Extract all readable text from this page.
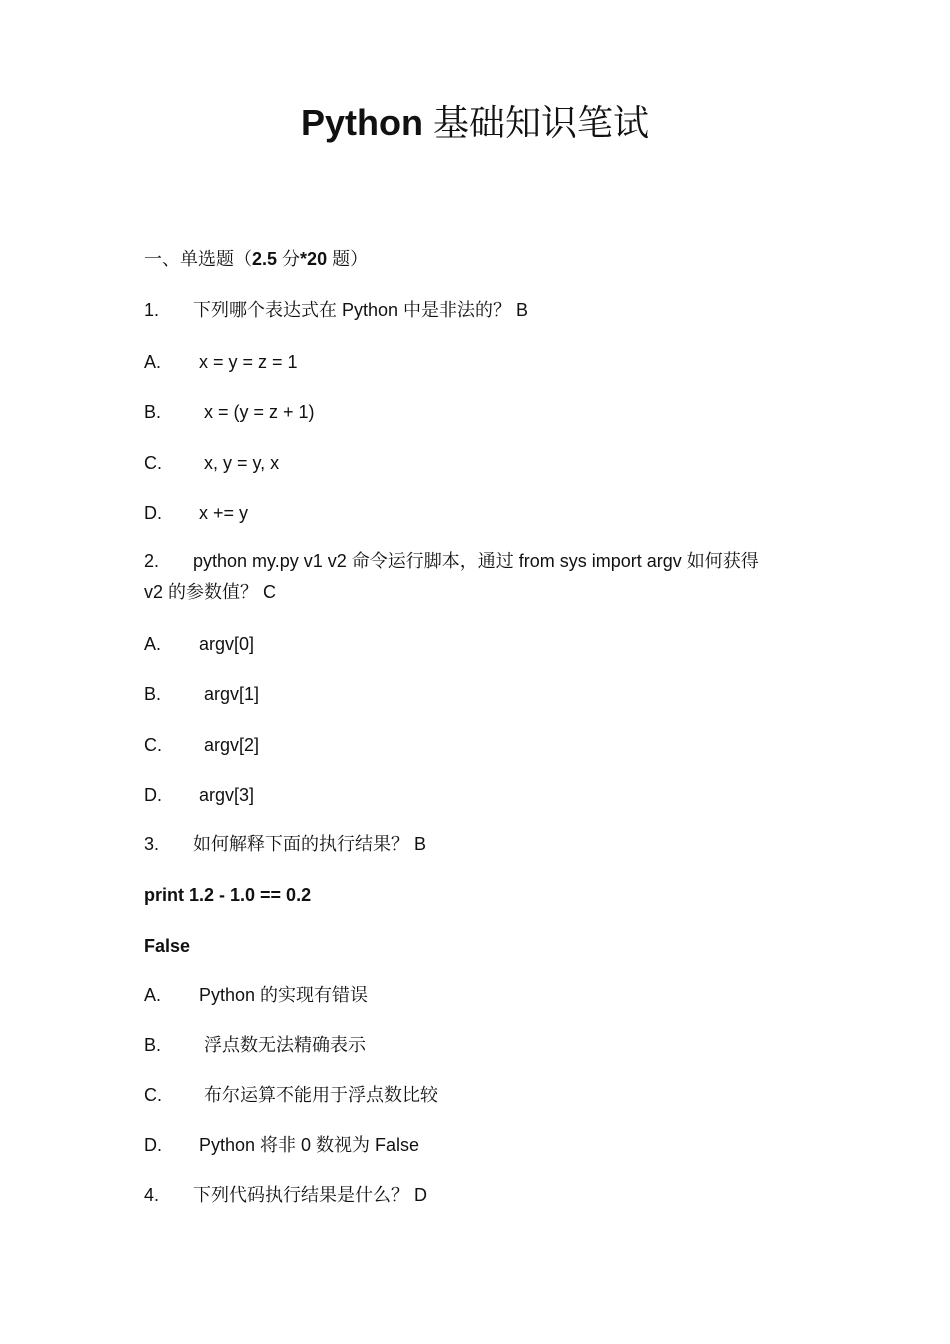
Python 基础知识笔试
一、单选题（2.5 分*20 题）
1. 下列哪个表达式在 Python 中是非法的？ B
A. x = y = z = 1
B. x = (y = z + 1)
C. x, y = y, x
D. x += y
2. python my.py v1 v2 命令运行脚本，通过 from sys import argv 如何获得
v2 的参数值？ C
A. argv[0]
B. argv[1]
C. argv[2]
D. argv[3]
3. 如何解释下面的执行结果？ B
print 1.2 - 1.0 == 0.2
False
A. Python 的实现有错误
B. 浮点数无法精确表示
C. 布尔运算不能用于浮点数比较
D. Python 将非 0 数视为 False
4. 下列代码执行结果是什么？ D
